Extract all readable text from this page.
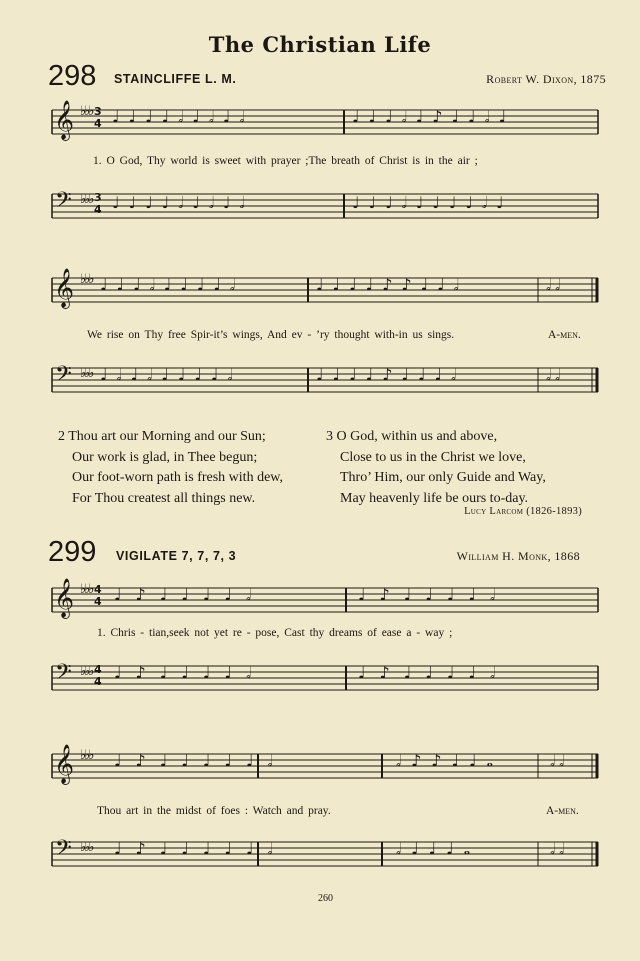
The Christian Life
298 STAINCLIFFE L. M.	Robert W. Dixon, 1875
𝄞 ♭♭♭ 3
4
1. O God, Thy world is sweet with prayer ;The breath of Christ is in the air ;
𝄢 ♭♭♭ 3
4
♩♩♩♩𝅗𝅥♩𝅗𝅥♩𝅗𝅥	♩♩♩𝅗𝅥♩♪♩♩𝅗𝅥♩
♩♩♩♩𝅗𝅥♩𝅗𝅥♩𝅗𝅥	♩♩♩𝅗𝅥♩♩♩♩𝅗𝅥♩
𝄞 ♭♭♭
We rise on Thy free Spir-it’s wings, And ev - ’ry thought with-in us sings.	A-men.
𝄢 ♭♭♭
♩♩♩𝅗𝅥♩♩♩♩𝅗𝅥	♩♩♩♩♪♪♩♩𝅗𝅥	𝅗𝅥𝅗𝅥
♩𝅗𝅥♩𝅗𝅥♩♩♩♩𝅗𝅥	♩♩♩♩♪♩♩♩𝅗𝅥	𝅗𝅥𝅗𝅥
2 Thou art our Morning and our Sun;
Our work is glad, in Thee begun;
Our foot-worn path is fresh with dew,
For Thou createst all things new.
3 O God, within us and above,
Close to us in the Christ we love,
Thro’ Him, our only Guide and Way,
May heavenly life be ours to-day.
Lucy Larcom (1826-1893)
299 VIGILATE 7, 7, 7, 3	William H. Monk, 1868
𝄞 ♭♭♭ 4
4
1. Chris - tian,seek not yet re - pose, Cast thy dreams of ease a - way ;
𝄢 ♭♭♭ 4
4
♩♪♩♩♩♩𝅗𝅥	♩♪♩♩♩♩𝅗𝅥
♩♪♩♩♩♩𝅗𝅥	♩♪♩♩♩♩𝅗𝅥
𝄞 ♭♭♭
Thou art in the midst of foes : Watch and pray.	A-men.
𝄢 ♭♭♭
♩♪♩♩♩♩♩𝅗𝅥	𝅗𝅥♪♪♩♩𝅝	𝅗𝅥𝅗𝅥
♩♪♩♩♩♩♩𝅗𝅥	𝅗𝅥♩♩♩𝅝	𝅗𝅥𝅗𝅥
260
